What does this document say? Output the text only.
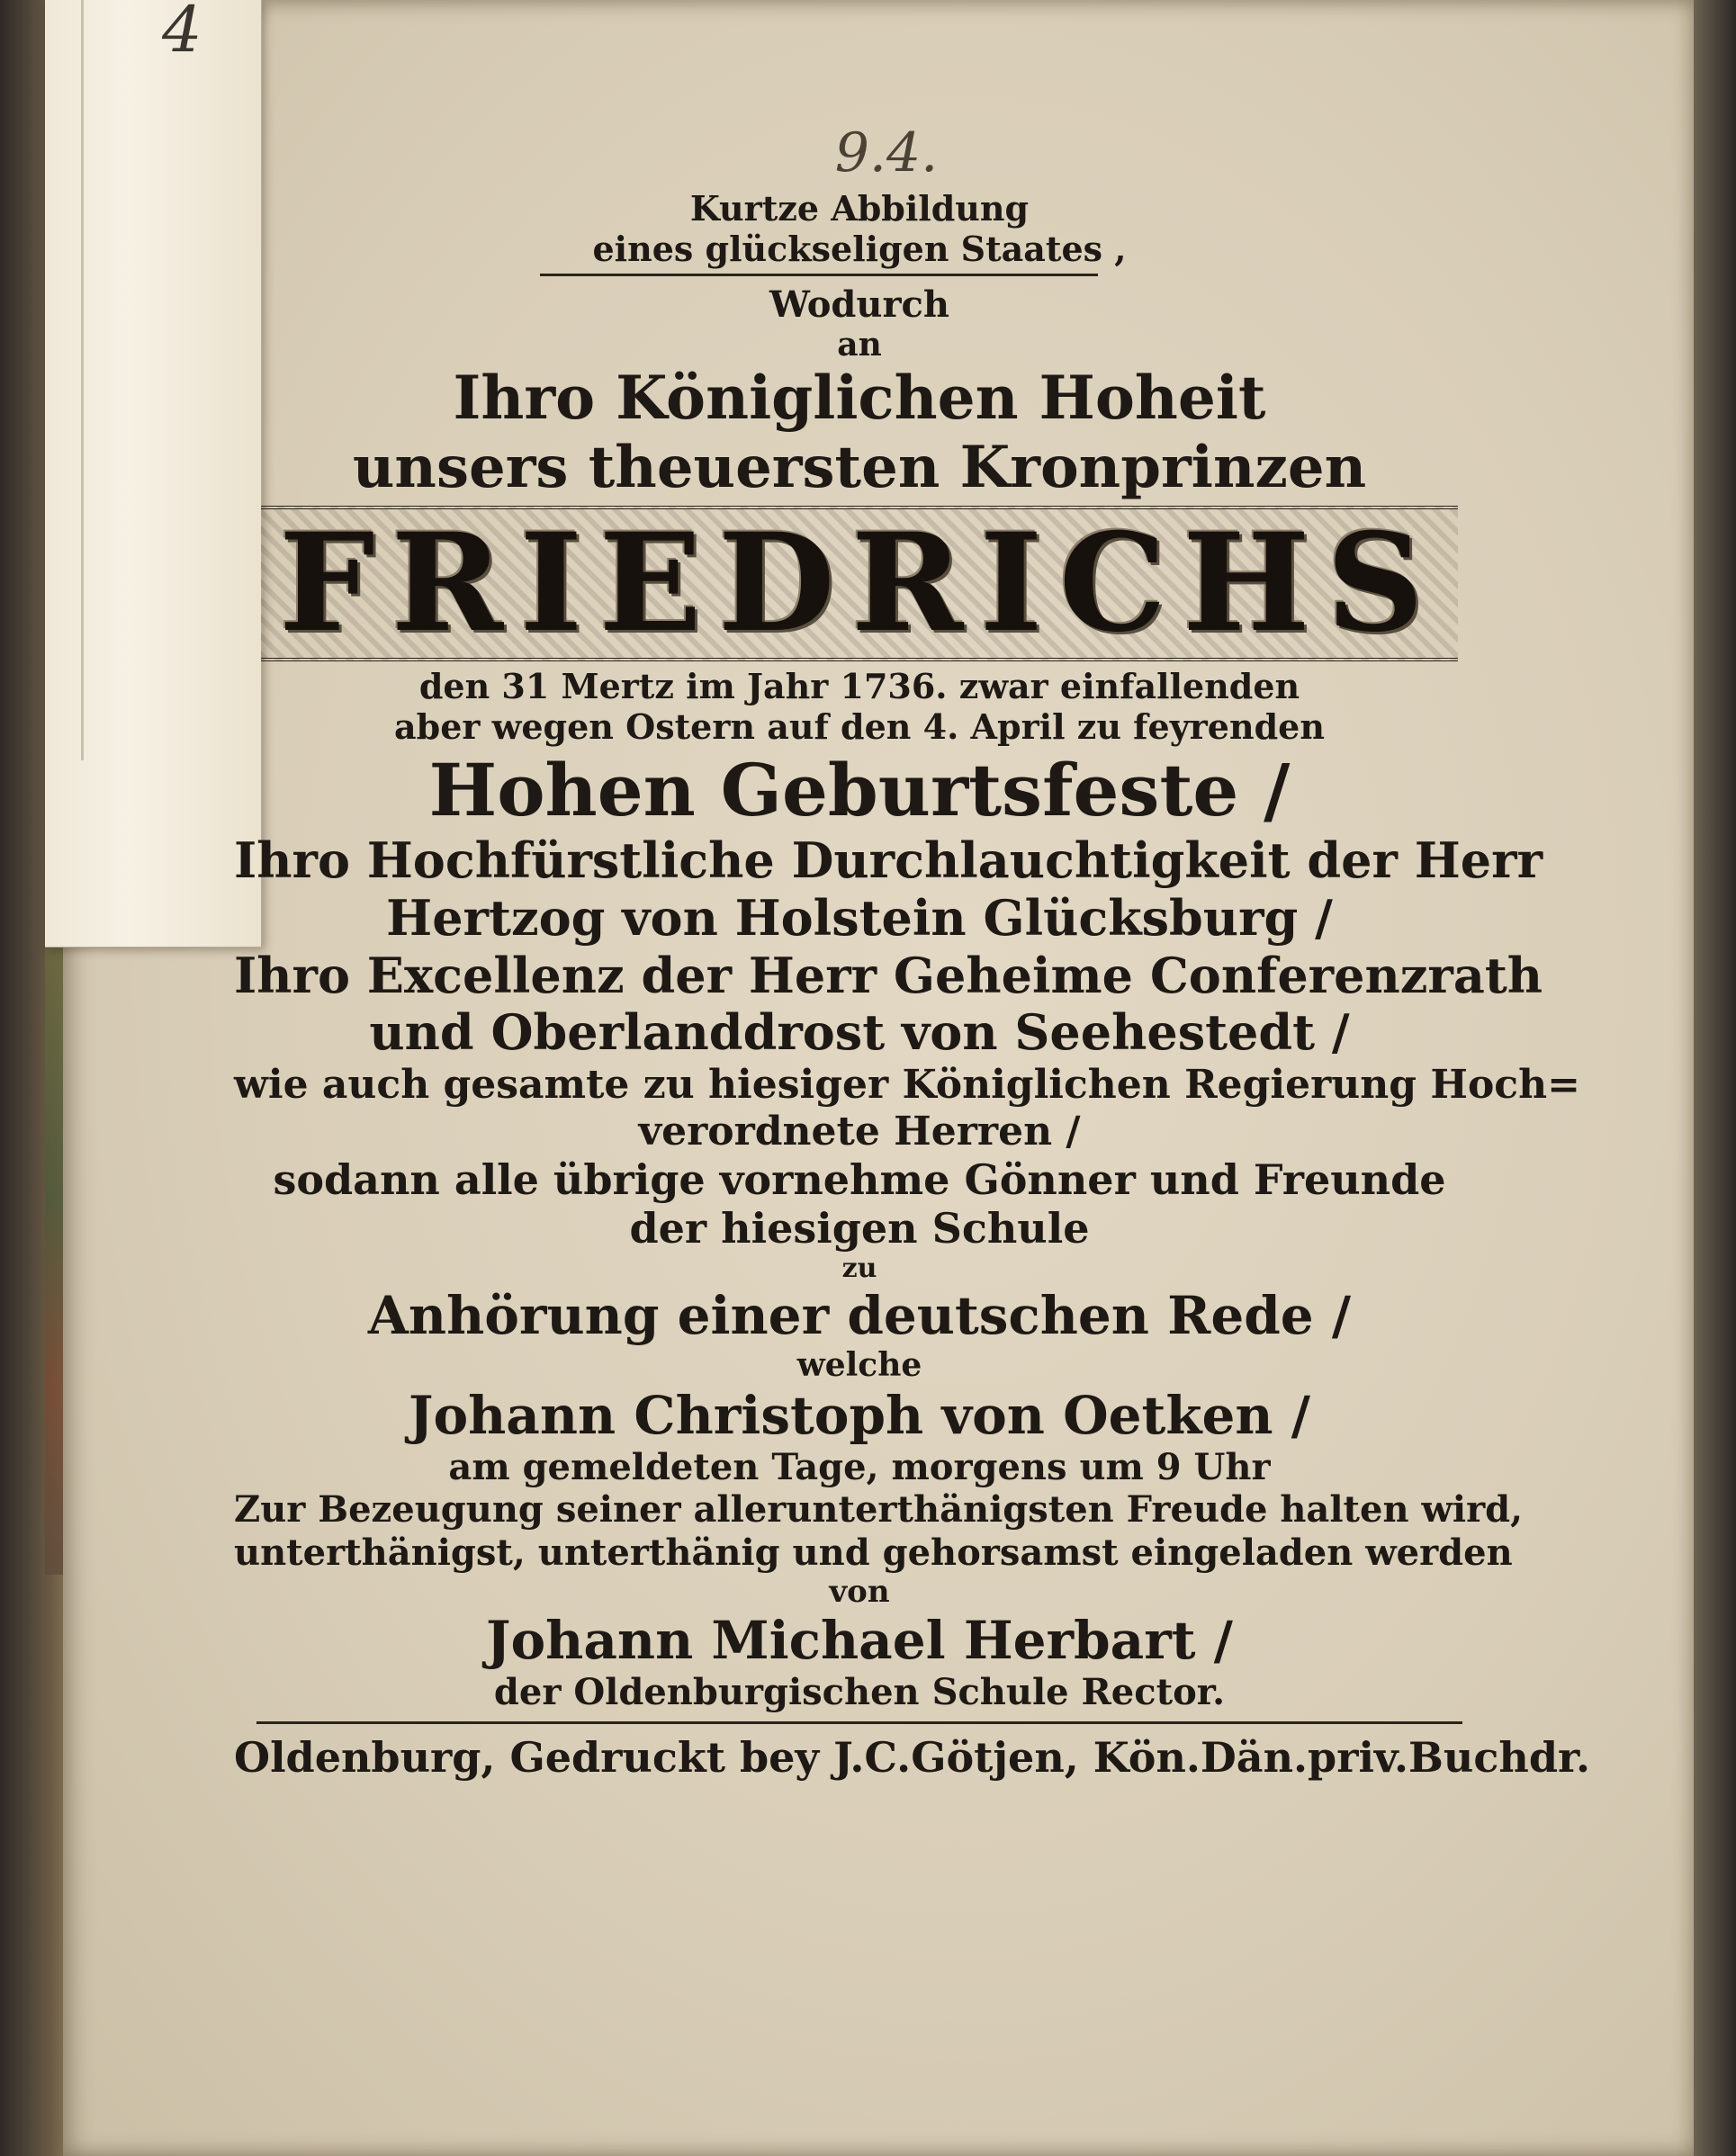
4

9.4.

Kurtze Abbildung

eines glückseligen Staates ,

Wodurch

an

Ihro Königlichen Hoheit

unsers theuersten Kronprinzen

FRIEDRICHS

den 31 Mertz im Jahr 1736. zwar einfallenden

aber wegen Ostern auf den 4. April zu feyrenden

Hohen Geburtsfeste /

Ihro Hochfürstliche Durchlauchtigkeit der Herr

Hertzog von Holstein Glücksburg /

Ihro Excellenz der Herr Geheime Conferenzrath

und Oberlanddrost von Seehestedt /

wie auch gesamte zu hiesiger Königlichen Regierung Hoch=

verordnete Herren /

sodann alle übrige vornehme Gönner und Freunde

der hiesigen Schule

zu

Anhörung einer deutschen Rede /

welche

Johann Christoph von Oetken /

am gemeldeten Tage, morgens um 9 Uhr

Zur Bezeugung seiner allerunterthänigsten Freude halten wird,

unterthänigst, unterthänig und gehorsamst eingeladen werden

von

Johann Michael Herbart /

der Oldenburgischen Schule Rector.

Oldenburg, Gedruckt bey J.C.Götjen, Kön.Dän.priv.Buchdr.
